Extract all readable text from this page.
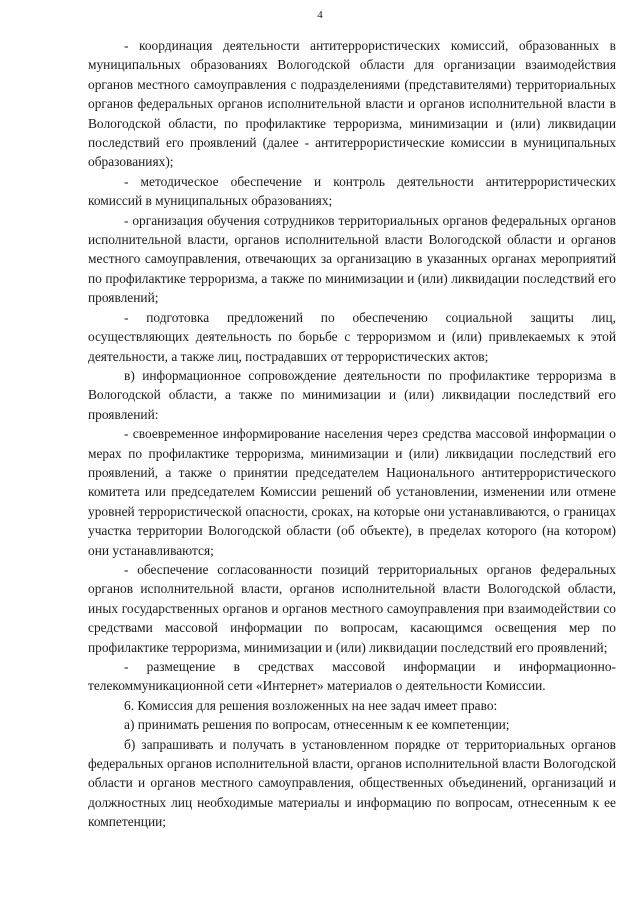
4

- координация деятельности антитеррористических комиссий, образованных в муниципальных образованиях Вологодской области для организации взаимодействия органов местного самоуправления с подразделениями (представителями) территориальных органов федеральных органов исполнительной власти и органов исполнительной власти в Вологодской области, по профилактике терроризма, минимизации и (или) ликвидации последствий его проявлений (далее - антитеррористические комиссии в муниципальных образованиях);

- методическое обеспечение и контроль деятельности антитеррористических комиссий в муниципальных образованиях;

- организация обучения сотрудников территориальных органов федеральных органов исполнительной власти, органов исполнительной власти Вологодской области и органов местного самоуправления, отвечающих за организацию в указанных органах мероприятий по профилактике терроризма, а также по минимизации и (или) ликвидации последствий его проявлений;

- подготовка предложений по обеспечению социальной защиты лиц, осуществляющих деятельность по борьбе с терроризмом и (или) привлекаемых к этой деятельности, а также лиц, пострадавших от террористических актов;

в) информационное сопровождение деятельности по профилактике терроризма в Вологодской области, а также по минимизации и (или) ликвидации последствий его проявлений:

- своевременное информирование населения через средства массовой информации о мерах по профилактике терроризма, минимизации и (или) ликвидации последствий его проявлений, а также о принятии председателем Национального антитеррористического комитета или председателем Комиссии решений об установлении, изменении или отмене уровней террористической опасности, сроках, на которые они устанавливаются, о границах участка территории Вологодской области (об объекте), в пределах которого (на котором) они устанавливаются;

- обеспечение согласованности позиций территориальных органов федеральных органов исполнительной власти, органов исполнительной власти Вологодской области, иных государственных органов и органов местного самоуправления при взаимодействии со средствами массовой информации по вопросам, касающимся освещения мер по профилактике терроризма, минимизации и (или) ликвидации последствий его проявлений;

- размещение в средствах массовой информации и информационно-телекоммуникационной сети «Интернет» материалов о деятельности Комиссии.

6. Комиссия для решения возложенных на нее задач имеет право:

а) принимать решения по вопросам, отнесенным к ее компетенции;

б) запрашивать и получать в установленном порядке от территориальных органов федеральных органов исполнительной власти, органов исполнительной власти Вологодской области и органов местного самоуправления, общественных объединений, организаций и должностных лиц необходимые материалы и информацию по вопросам, отнесенным к ее компетенции;
